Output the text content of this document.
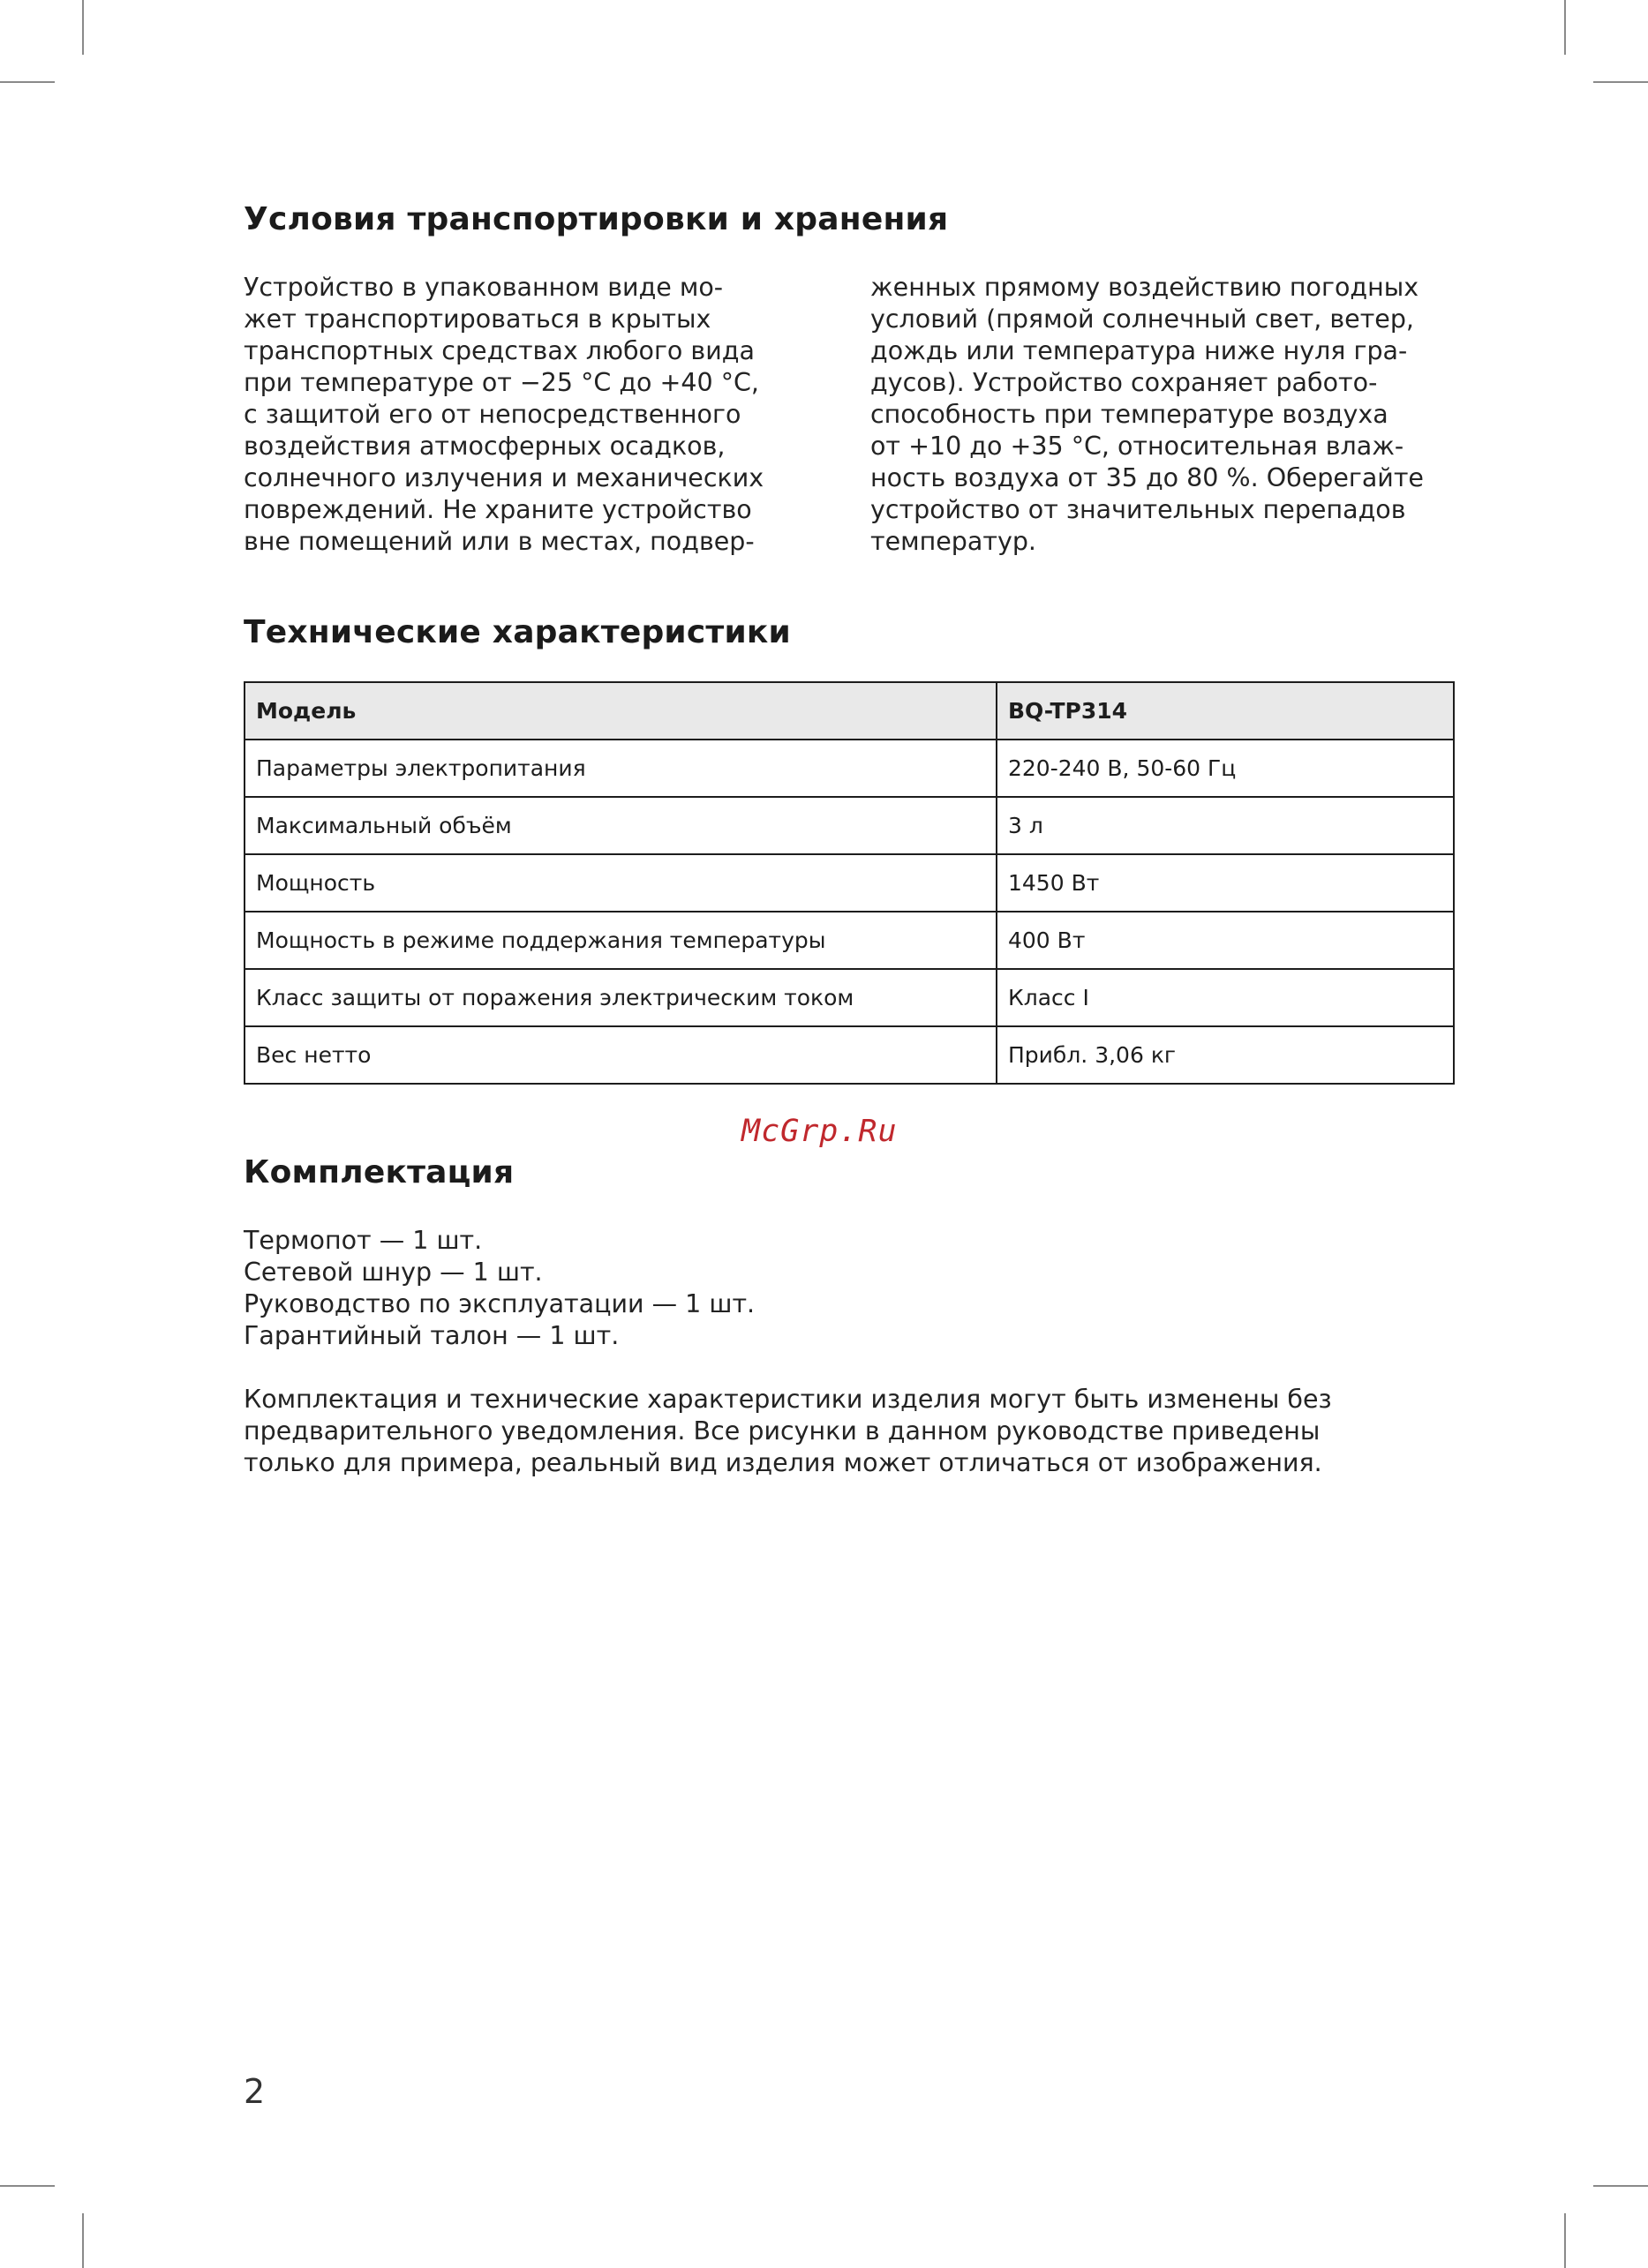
Условия транспортировки и хранения
Устройство в упакованном виде мо-
жет транспортироваться в крытых
транспортных средствах любого вида
при температуре от −25 °С до +40 °С,
с защитой его от непосредственного
воздействия атмосферных осадков,
солнечного излучения и механических
повреждений. Не храните устройство
вне помещений или в местах, подвер-
женных прямому воздействию погодных
условий (прямой солнечный свет, ветер,
дождь или температура ниже нуля гра-
дусов). Устройство сохраняет работо-
способность при температуре воздуха
от +10 до +35 °С, относительная влаж-
ность воздуха от 35 до 80 %. Оберегайте
устройство от значительных перепадов
температур.
Технические характеристики
Модель	BQ-TP314
Параметры электропитания	220-240 В, 50-60 Гц
Максимальный объём	3 л
Мощность	1450 Вт
Мощность в режиме поддержания температуры	400 Вт
Класс защиты от поражения электрическим током	Класс I
Вес нетто	Прибл. 3,06 кг
McGrp.Ru
Комплектация
Термопот — 1 шт.
Сетевой шнур — 1 шт.
Руководство по эксплуатации — 1 шт.
Гарантийный талон — 1 шт.
Комплектация и технические характеристики изделия могут быть изменены без
предварительного уведомления. Все рисунки в данном руководстве приведены
только для примера, реальный вид изделия может отличаться от изображения.
2
